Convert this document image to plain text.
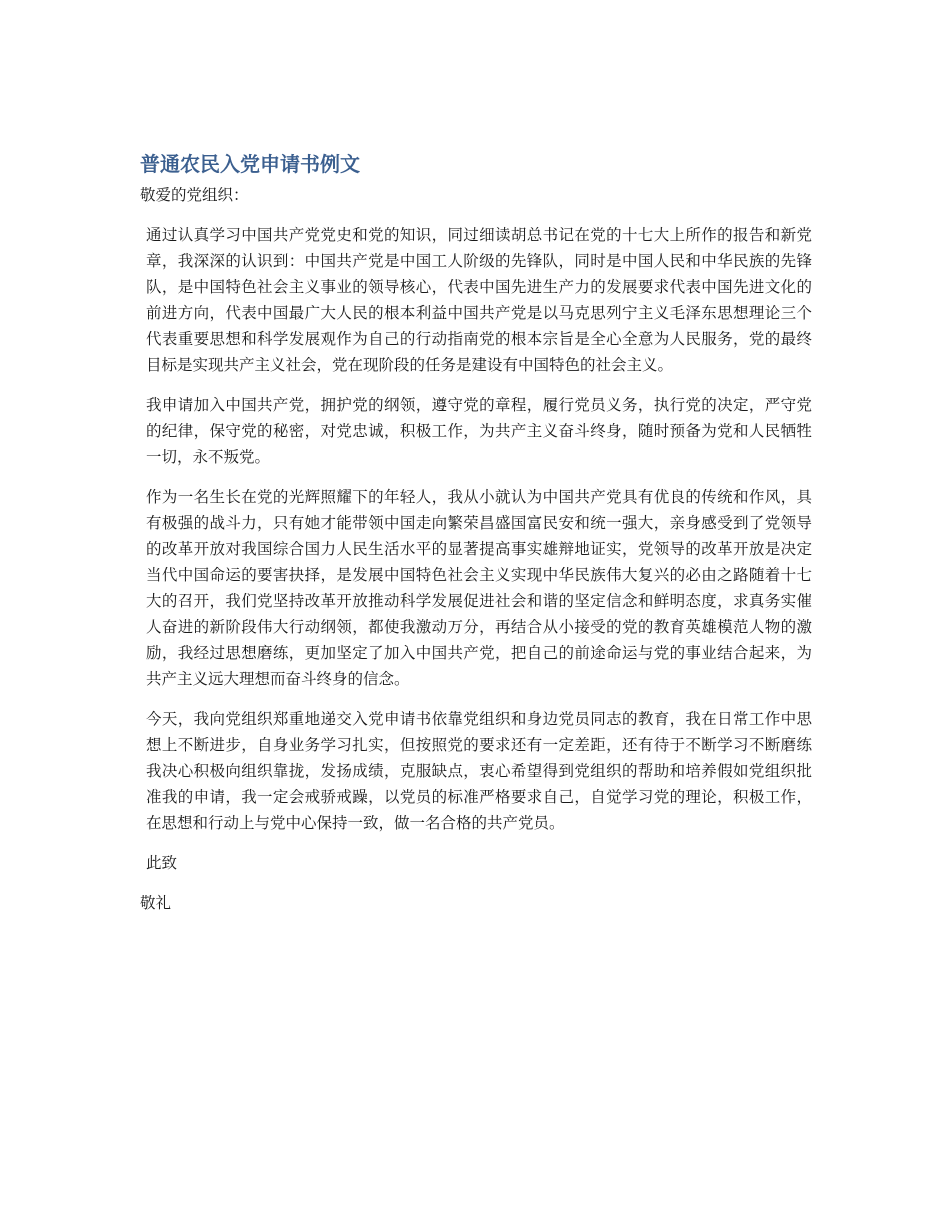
普通农民入党申请书例文
敬爱的党组织：

通过认真学习中国共产党党史和党的知识，同过细读胡总书记在党的十七大上所作的报告和新党章，我深深的认识到：中国共产党是中国工人阶级的先锋队，同时是中国人民和中华民族的先锋队，是中国特色社会主义事业的领导核心，代表中国先进生产力的发展要求代表中国先进文化的前进方向，代表中国最广大人民的根本利益中国共产党是以马克思列宁主义毛泽东思想理论三个代表重要思想和科学发展观作为自己的行动指南党的根本宗旨是全心全意为人民服务，党的最终目标是实现共产主义社会，党在现阶段的任务是建设有中国特色的社会主义。

我申请加入中国共产党，拥护党的纲领，遵守党的章程，履行党员义务，执行党的决定，严守党的纪律，保守党的秘密，对党忠诚，积极工作，为共产主义奋斗终身，随时预备为党和人民牺牲一切，永不叛党。

作为一名生长在党的光辉照耀下的年轻人，我从小就认为中国共产党具有优良的传统和作风，具有极强的战斗力，只有她才能带领中国走向繁荣昌盛国富民安和统一强大，亲身感受到了党领导的改革开放对我国综合国力人民生活水平的显著提高事实雄辩地证实，党领导的改革开放是决定当代中国命运的要害抉择，是发展中国特色社会主义实现中华民族伟大复兴的必由之路随着十七大的召开，我们党坚持改革开放推动科学发展促进社会和谐的坚定信念和鲜明态度，求真务实催人奋进的新阶段伟大行动纲领，都使我激动万分，再结合从小接受的党的教育英雄模范人物的激励，我经过思想磨练，更加坚定了加入中国共产党，把自己的前途命运与党的事业结合起来，为共产主义远大理想而奋斗终身的信念。

今天，我向党组织郑重地递交入党申请书依靠党组织和身边党员同志的教育，我在日常工作中思想上不断进步，自身业务学习扎实，但按照党的要求还有一定差距，还有待于不断学习不断磨练我决心积极向组织靠拢，发扬成绩，克服缺点，衷心希望得到党组织的帮助和培养假如党组织批准我的申请，我一定会戒骄戒躁，以党员的标准严格要求自己，自觉学习党的理论，积极工作，在思想和行动上与党中心保持一致，做一名合格的共产党员。

此致
敬礼
